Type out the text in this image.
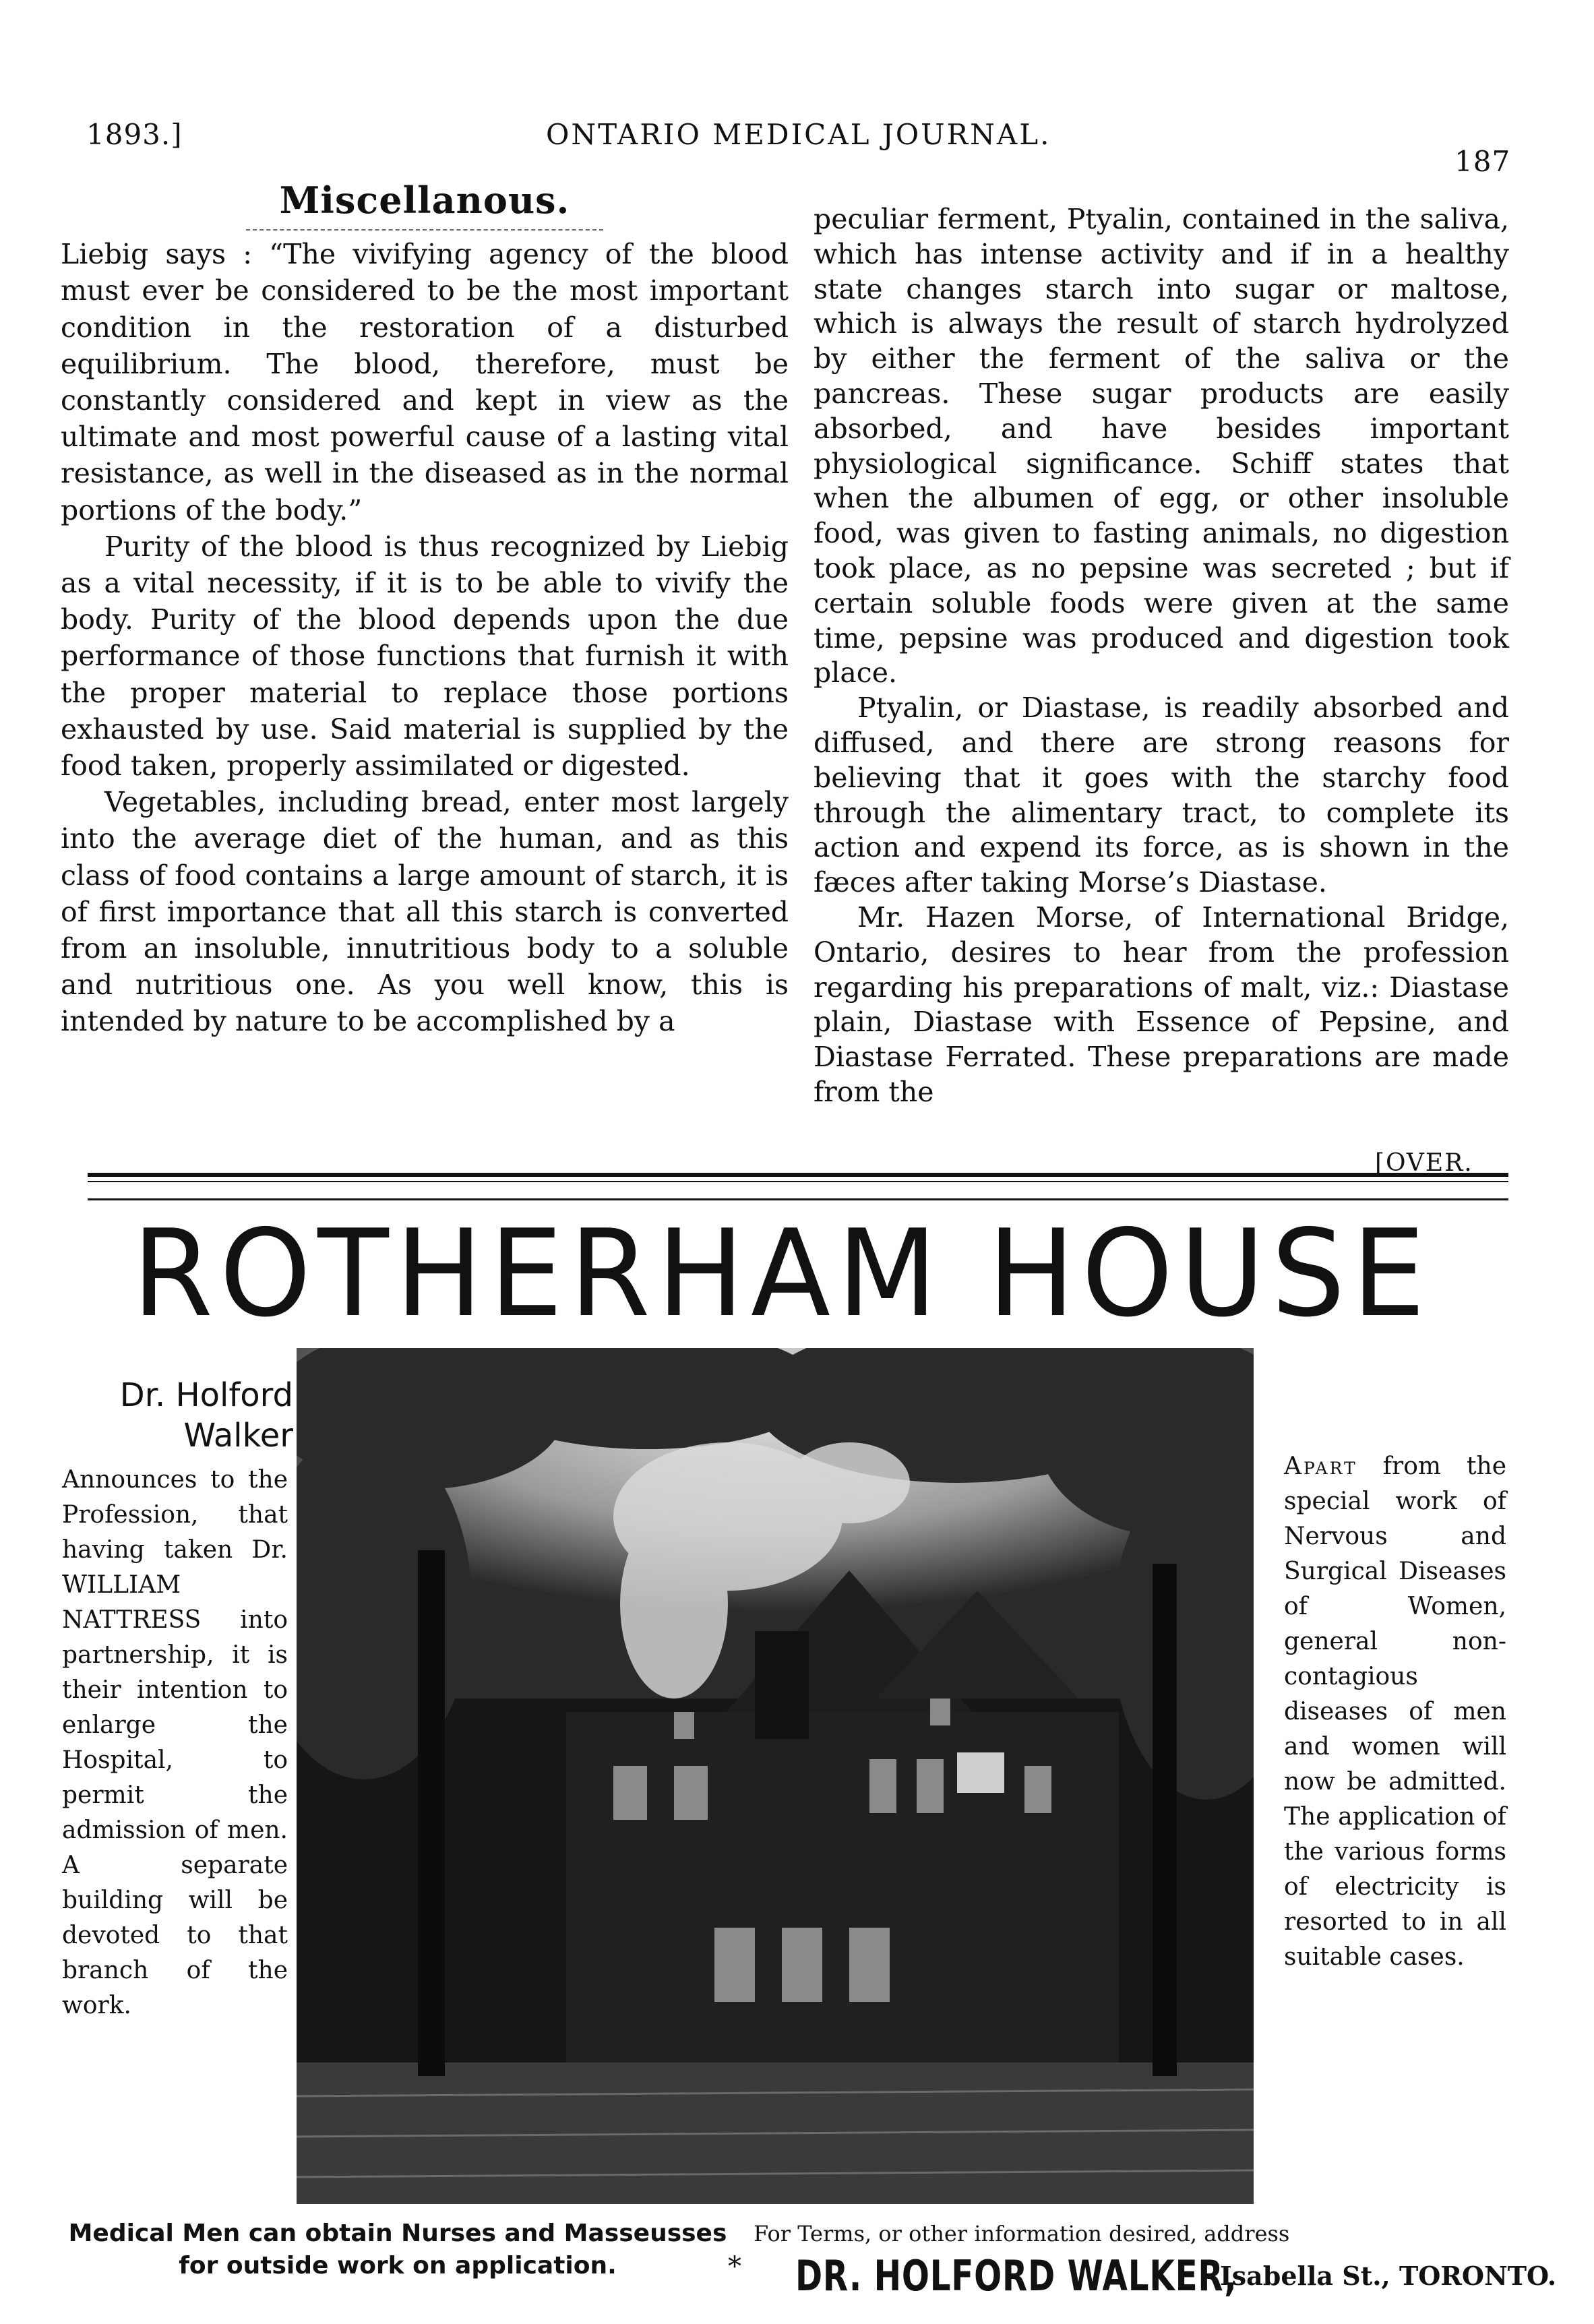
1893.]	ONTARIO MEDICAL JOURNAL.
187
Miscellanous.

Liebig says : “The vivifying agency of the blood must ever be considered to be the most important condition in the restoration of a disturbed equilibrium. The blood, therefore, must be constantly considered and kept in view as the ultimate and most powerful cause of a lasting vital resistance, as well in the diseased as in the normal portions of the body.”

Purity of the blood is thus recognized by Liebig as a vital necessity, if it is to be able to vivify the body. Purity of the blood depends upon the due performance of those functions that furnish it with the proper material to replace those portions exhausted by use. Said material is supplied by the food taken, properly assimilated or digested.

Vegetables, including bread, enter most largely into the average diet of the human, and as this class of food contains a large amount of starch, it is of first importance that all this starch is converted from an insoluble, innutritious body to a soluble and nutritious one. As you well know, this is intended by nature to be accomplished by a

peculiar ferment, Ptyalin, contained in the saliva, which has intense activity and if in a healthy state changes starch into sugar or maltose, which is always the result of starch hydrolyzed by either the ferment of the saliva or the pancreas. These sugar products are easily absorbed, and have besides important physiological significance. Schiff states that when the albumen of egg, or other insoluble food, was given to fasting animals, no digestion took place, as no pepsine was secreted ; but if certain soluble foods were given at the same time, pepsine was produced and digestion took place.

Ptyalin, or Diastase, is readily absorbed and diffused, and there are strong reasons for believing that it goes with the starchy food through the alimentary tract, to complete its action and expend its force, as is shown in the fæces after taking Morse’s Diastase.

Mr. Hazen Morse, of International Bridge, Ontario, desires to hear from the profession regarding his preparations of malt, viz.: Diastase plain, Diastase with Essence of Pepsine, and Diastase Ferrated. These preparations are made from the

[OVER.
ROTHERHAM HOUSE
Dr. Holford Walker
Announces to the Profession, that having taken Dr. WILLIAM NATTRESS into partnership, it is their intention to enlarge the Hospital, to permit the admission of men. A separate building will be devoted to that branch of the work.
Apart from the special work of Nervous and Surgical Diseases of Women, general non-contagious diseases of men and women will now be admitted. The application of the various forms of electricity is resorted to in all suitable cases.
Medical Men can obtain Nurses and Masseusses for outside work on application.	*
For Terms, or other information desired, address
DR. HOLFORD WALKER,
Isabella St., TORONTO.
